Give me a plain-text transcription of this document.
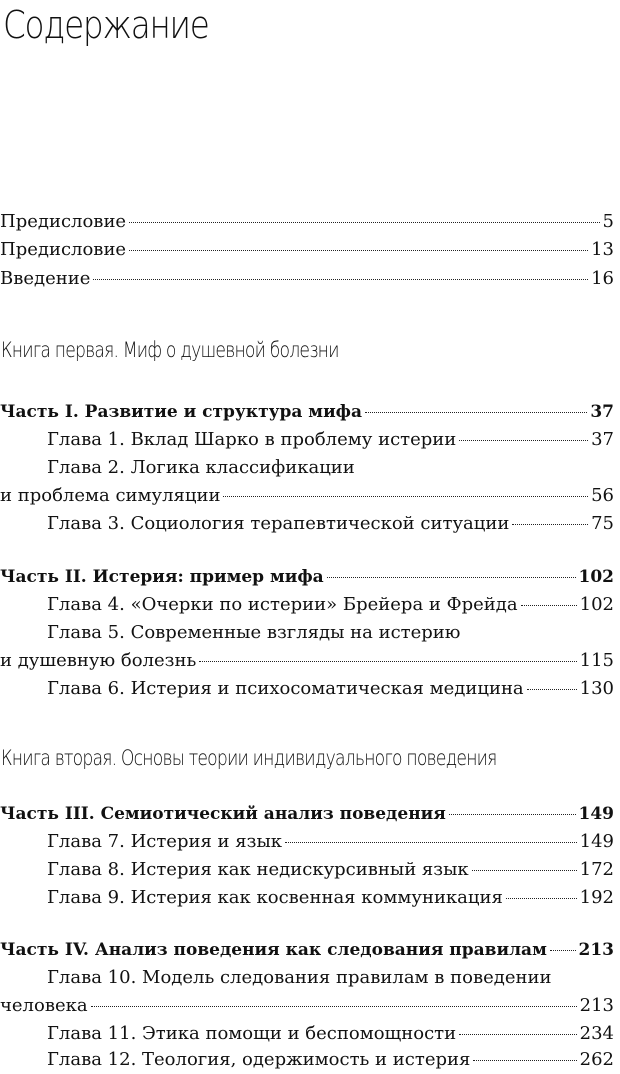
Содержание
Предисловие	5
Предисловие	13
Введение	16
Книга первая. Миф о душевной болезни
Часть I. Развитие и структура мифа	37
Глава 1. Вклад Шарко в проблему истерии	37
Глава 2. Логика классификации
и проблема симуляции	56
Глава 3. Социология терапевтической ситуации	75
Часть II. Истерия: пример мифа	102
Глава 4. «Очерки по истерии» Брейера и Фрейда	102
Глава 5. Современные взгляды на истерию
и душевную болезнь	115
Глава 6. Истерия и психосоматическая медицина	130
Книга вторая. Основы теории индивидуального поведения
Часть III. Семиотический анализ поведения	149
Глава 7. Истерия и язык	149
Глава 8. Истерия как недискурсивный язык	172
Глава 9. Истерия как косвенная коммуникация	192
Часть IV. Анализ поведения как следования правилам 213
Глава 10. Модель следования правилам в поведении
человека	213
Глава 11. Этика помощи и беспомощности	234
Глава 12. Теология, одержимость и истерия	262
